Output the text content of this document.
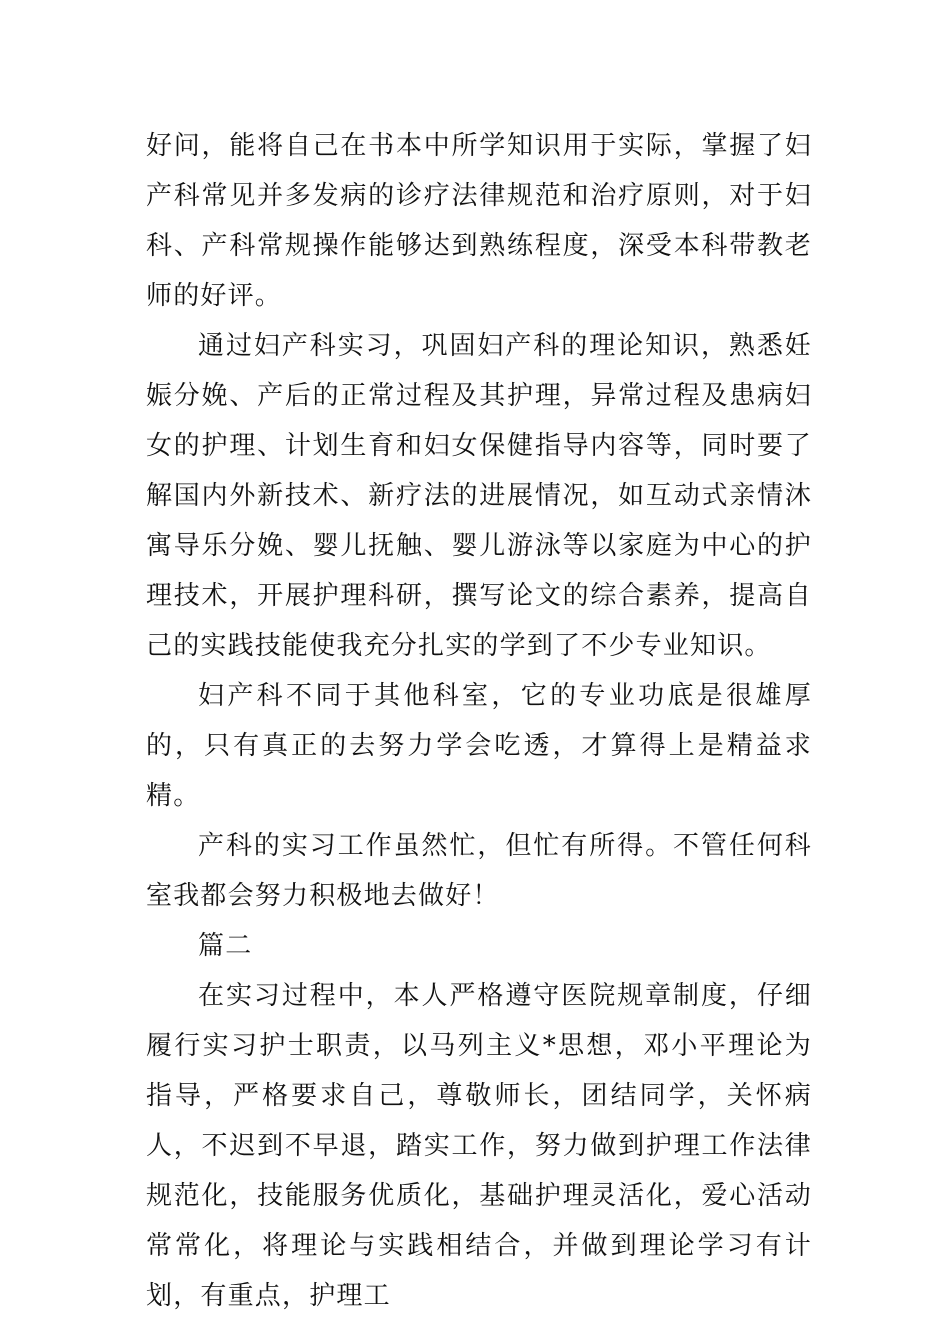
好问，能将自己在书本中所学知识用于实际，掌握了妇产科常见并多发病的诊疗法律规范和治疗原则，对于妇科、产科常规操作能够达到熟练程度，深受本科带教老师的好评。

通过妇产科实习，巩固妇产科的理论知识，熟悉妊娠分娩、产后的正常过程及其护理，异常过程及患病妇女的护理、计划生育和妇女保健指导内容等，同时要了解国内外新技术、新疗法的进展情况，如互动式亲情沐寓导乐分娩、婴儿抚触、婴儿游泳等以家庭为中心的护理技术，开展护理科研，撰写论文的综合素养，提高自己的实践技能使我充分扎实的学到了不少专业知识。

妇产科不同于其他科室，它的专业功底是很雄厚的，只有真正的去努力学会吃透，才算得上是精益求精。

产科的实习工作虽然忙，但忙有所得。不管任何科室我都会努力积极地去做好！

篇二

在实习过程中，本人严格遵守医院规章制度，仔细履行实习护士职责，以马列主义*思想，邓小平理论为指导，严格要求自己，尊敬师长，团结同学，关怀病人，不迟到不早退，踏实工作，努力做到护理工作法律规范化，技能服务优质化，基础护理灵活化，爱心活动常常化，将理论与实践相结合，并做到理论学习有计划，有重点，护理工
